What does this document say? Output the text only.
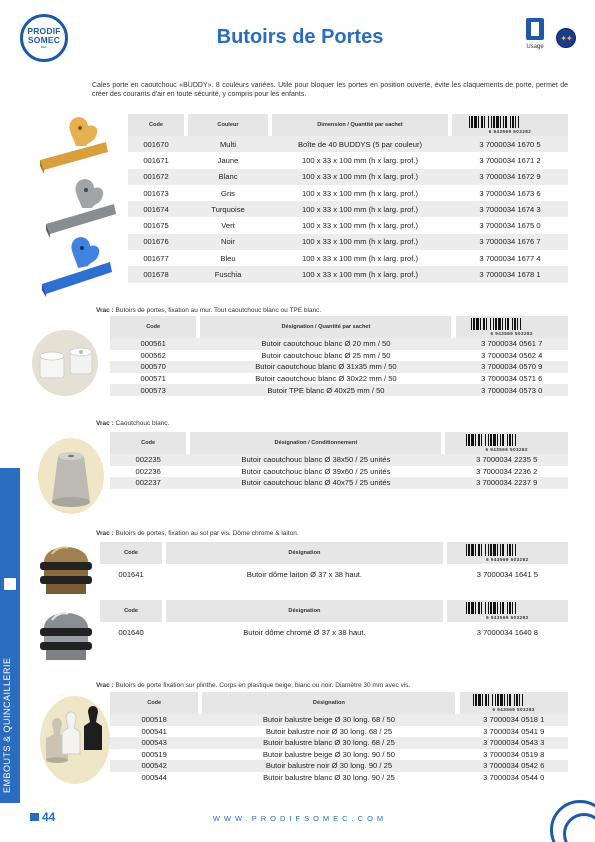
PRODIF
SOMEC
REF	Butoirs de Portes	Usage
✦✦
EMBOUTS & QUINCAILLERIE
Cales porte en caoutchouc «BUDDY». 8 couleurs variées. Utile pour bloquer les portes en position ouverte, évite les claquements de porte, permet de créer des courants d'air en toute sécurité, y compris pour les enfants.
Code		Couleur		Dimension / Quantité par sachet		6 943569 503282

001670		Multi		Boîte de 40 BUDDYS (5 par couleur)		3 7000034 1670 5
001671		Jaune		100 x 33 x 100 mm (h x larg. prof.)		3 7000034 1671 2
001672		Blanc		100 x 33 x 100 mm (h x larg. prof.)		3 7000034 1672 9
001673		Gris		100 x 33 x 100 mm (h x larg. prof.)		3 7000034 1673 6
001674		Turquoise		100 x 33 x 100 mm (h x larg. prof.)		3 7000034 1674 3
001675		Vert		100 x 33 x 100 mm (h x larg. prof.)		3 7000034 1675 0
001676		Noir		100 x 33 x 100 mm (h x larg. prof.)		3 7000034 1676 7
001677		Bleu		100 x 33 x 100 mm (h x larg. prof.)		3 7000034 1677 4
001678		Fuschia		100 x 33 x 100 mm (h x larg. prof.)		3 7000034 1678 1
Vrac : Butoirs de portes, fixation au mur. Tout caoutchouc blanc ou TPE blanc.
Code		Désignation / Quantité par sachet		6 943569 503282

000561		Butoir caoutchouc blanc Ø 20 mm / 50		3 7000034 0561 7
000562		Butoir caoutchouc blanc Ø 25 mm / 50		3 7000034 0562 4
000570		Butoir caoutchouc blanc Ø 31x35 mm / 50		3 7000034 0570 9
000571		Butoir caoutchouc blanc Ø 30x22 mm / 50		3 7000034 0571 6
000573		Butoir TPE blanc Ø 40x25 mm / 50		3 7000034 0573 0
Vrac : Caoutchouc blanc.
Code		Désignation / Conditionnement		6 943569 503282

002235		Butoir caoutchouc blanc Ø 38x50 / 25 unités		3 7000034 2235 5
002236		Butoir caoutchouc blanc Ø 39x60 / 25 unités		3 7000034 2236 2
002237		Butoir caoutchouc blanc Ø 40x75 / 25 unités		3 7000034 2237 9
Vrac : Butoirs de portes, fixation au sol par vis. Dôme chrome & laiton.
Code		Désignation		6 943569 503282

001641		Butoir dôme laiton Ø 37 x 38 haut.		3 7000034 1641 5
Code		Désignation		6 943569 503282

001640		Butoir dôme chromé Ø 37 x 38 haut.		3 7000034 1640 8
Vrac : Butoirs de porte fixation sur plinthe. Corps en plastique beige, blanc ou noir. Diamètre 30 mm avec vis.
Code		Désignation		6 943569 503282

000518		Butoir balustre beige Ø 30 long. 68 / 50		3 7000034 0518 1
000541		Butoir balustre noir Ø 30 long. 68 / 25		3 7000034 0541 9
000543		Butoir balustre blanc Ø 30 long. 68 / 25		3 7000034 0543 3
000519		Butoir balustre beige Ø 30 long. 90 / 50		3 7000034 0519 8
000542		Butoir balustre noir Ø 30 long. 90 / 25		3 7000034 0542 6
000544		Butoir balustre blanc Ø 30 long. 90 / 25		3 7000034 0544 0
44	WWW.PRODIFSOMEC.COM
